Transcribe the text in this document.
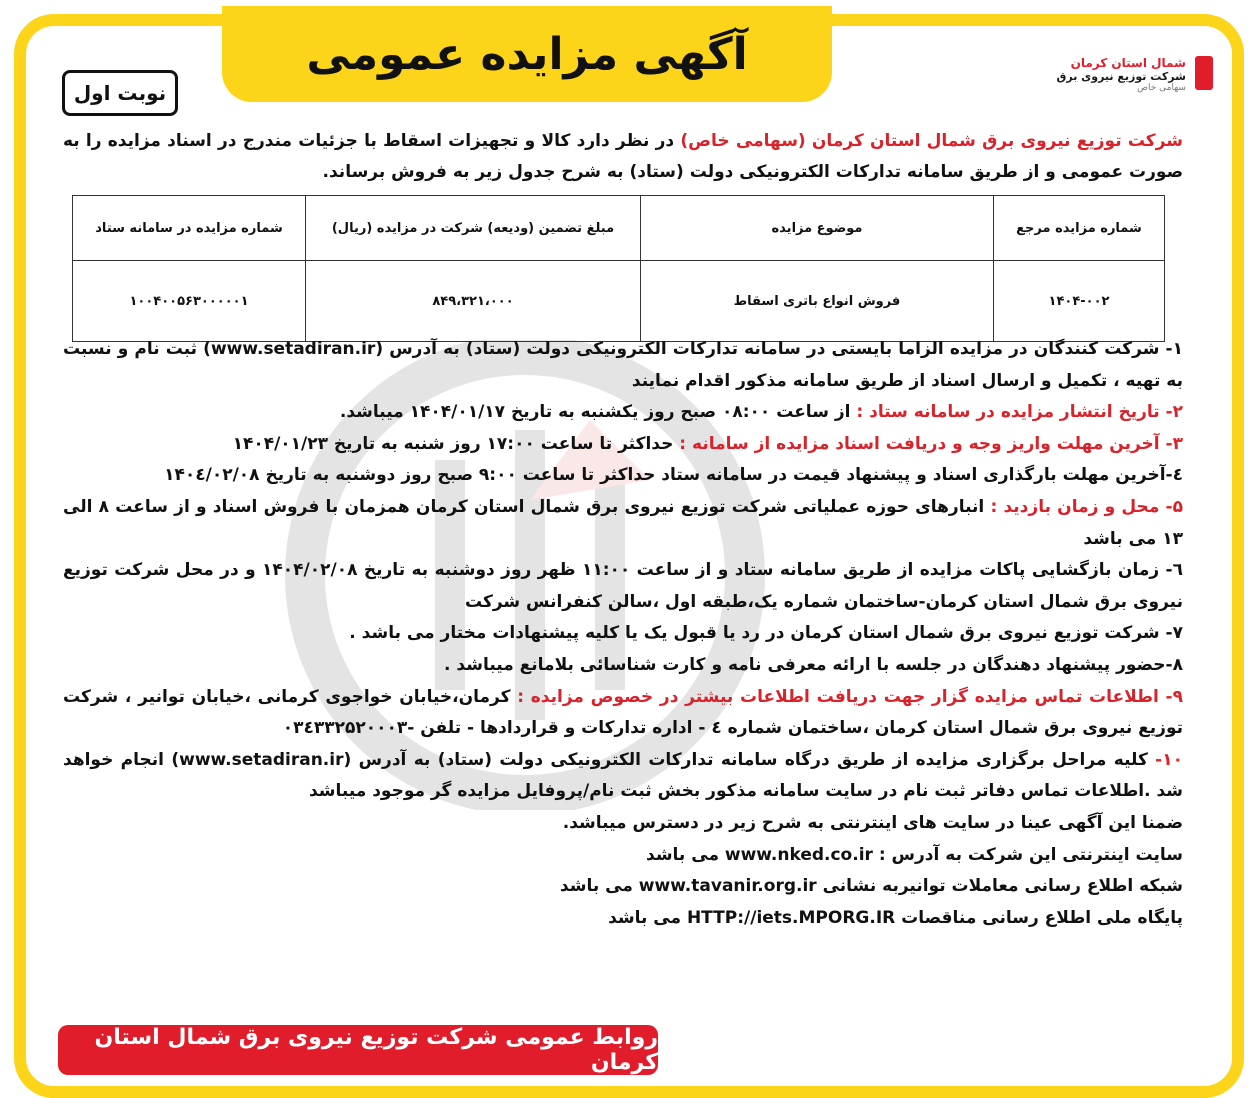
آگهی مزایده عمومی
	شمال استان کرمان
شرکت توزیع نیروی برق
سهامی خاص
نوبت اول
شرکت توزیع نیروی برق شمال استان کرمان (سهامی خاص) در نظر دارد کالا و تجهیزات اسقاط با جزئیات مندرج در اسناد مزایده را به صورت عمومی و از طریق سامانه تدارکات الکترونیکی دولت (ستاد) به شرح جدول زیر به فروش برساند.
شماره مزایده مرجع	موضوع مزایده	مبلغ تضمین (ودیعه) شرکت در مزایده (ریال)	شماره مزایده در سامانه ستاد
۱۴۰۴-۰۰۲	فروش انواع باتری اسقاط	۸۴۹،۳۲۱،۰۰۰	۱۰۰۴۰۰۵۶۳۰۰۰۰۰۱

۱- شرکت کنندگان در مزایده الزاما بایستی در سامانه تدارکات الکترونیکی دولت (ستاد) به آدرس (www.setadiran.ir) ثبت نام و نسبت به تهیه ، تکمیل و ارسال اسناد از طریق سامانه مذکور اقدام نمایند

۲- تاریخ انتشار مزایده در سامانه ستاد : از ساعت ۰۸:۰۰ صبح روز یکشنبه به تاریخ ۱۴۰۴/۰۱/۱۷ میباشد.

۳- آخرین مهلت واریز وجه و دریافت اسناد مزایده از سامانه : حداکثر تا ساعت ۱۷:۰۰ روز شنبه به تاریخ ۱۴۰۴/۰۱/۲۳

٤-آخرین مهلت بارگذاری اسناد و پیشنهاد قیمت در سامانه ستاد حداکثر تا ساعت ۹:۰۰ صبح روز دوشنبه به تاریخ ۱۴۰٤/۰۲/۰۸

۵- محل و زمان بازدید : انبارهای حوزه عملیاتی شرکت توزیع نیروی برق شمال استان کرمان همزمان با فروش اسناد و از ساعت ۸ الی ۱۳ می باشد

٦- زمان بازگشایی پاکات مزایده از طریق سامانه ستاد و از ساعت ۱۱:۰۰ ظهر روز دوشنبه به تاریخ ۱۴۰۴/۰۲/۰۸ و در محل شرکت توزیع نیروی برق شمال استان کرمان-ساختمان شماره یک،طبقه اول ،سالن کنفرانس شرکت

۷- شرکت توزیع نیروی برق شمال استان کرمان در رد یا قبول یک یا کلیه پیشنهادات مختار می باشد .

۸-حضور پیشنهاد دهندگان در جلسه با ارائه معرفی نامه و کارت شناسائی بلامانع میباشد .

۹- اطلاعات تماس مزایده گزار جهت دریافت اطلاعات بیشتر در خصوص مزایده : کرمان،خیابان خواجوی کرمانی ،خیابان توانیر ، شرکت توزیع نیروی برق شمال استان کرمان ،ساختمان شماره ٤ - اداره تدارکات و قراردادها - تلفن -۰۳٤۳۳۲۵۲۰۰۰۳

۱۰- کلیه مراحل برگزاری مزایده از طریق درگاه سامانه تدارکات الکترونیکی دولت (ستاد) به آدرس (www.setadiran.ir) انجام خواهد شد .اطلاعات تماس دفاتر ثبت نام در سایت سامانه مذکور بخش ثبت نام/پروفایل مزایده گر موجود میباشد

ضمنا این آگهی عینا در سایت های اینترنتی به شرح زیر در دسترس میباشد.

سایت اینترنتی این شرکت به آدرس : www.nked.co.ir می باشد

شبکه اطلاع رسانی معاملات توانیربه نشانی www.tavanir.org.ir می باشد

پایگاه ملی اطلاع رسانی مناقصات HTTP://iets.MPORG.IR می باشد

روابط عمومی شرکت توزیع نیروی برق شمال استان کرمان
